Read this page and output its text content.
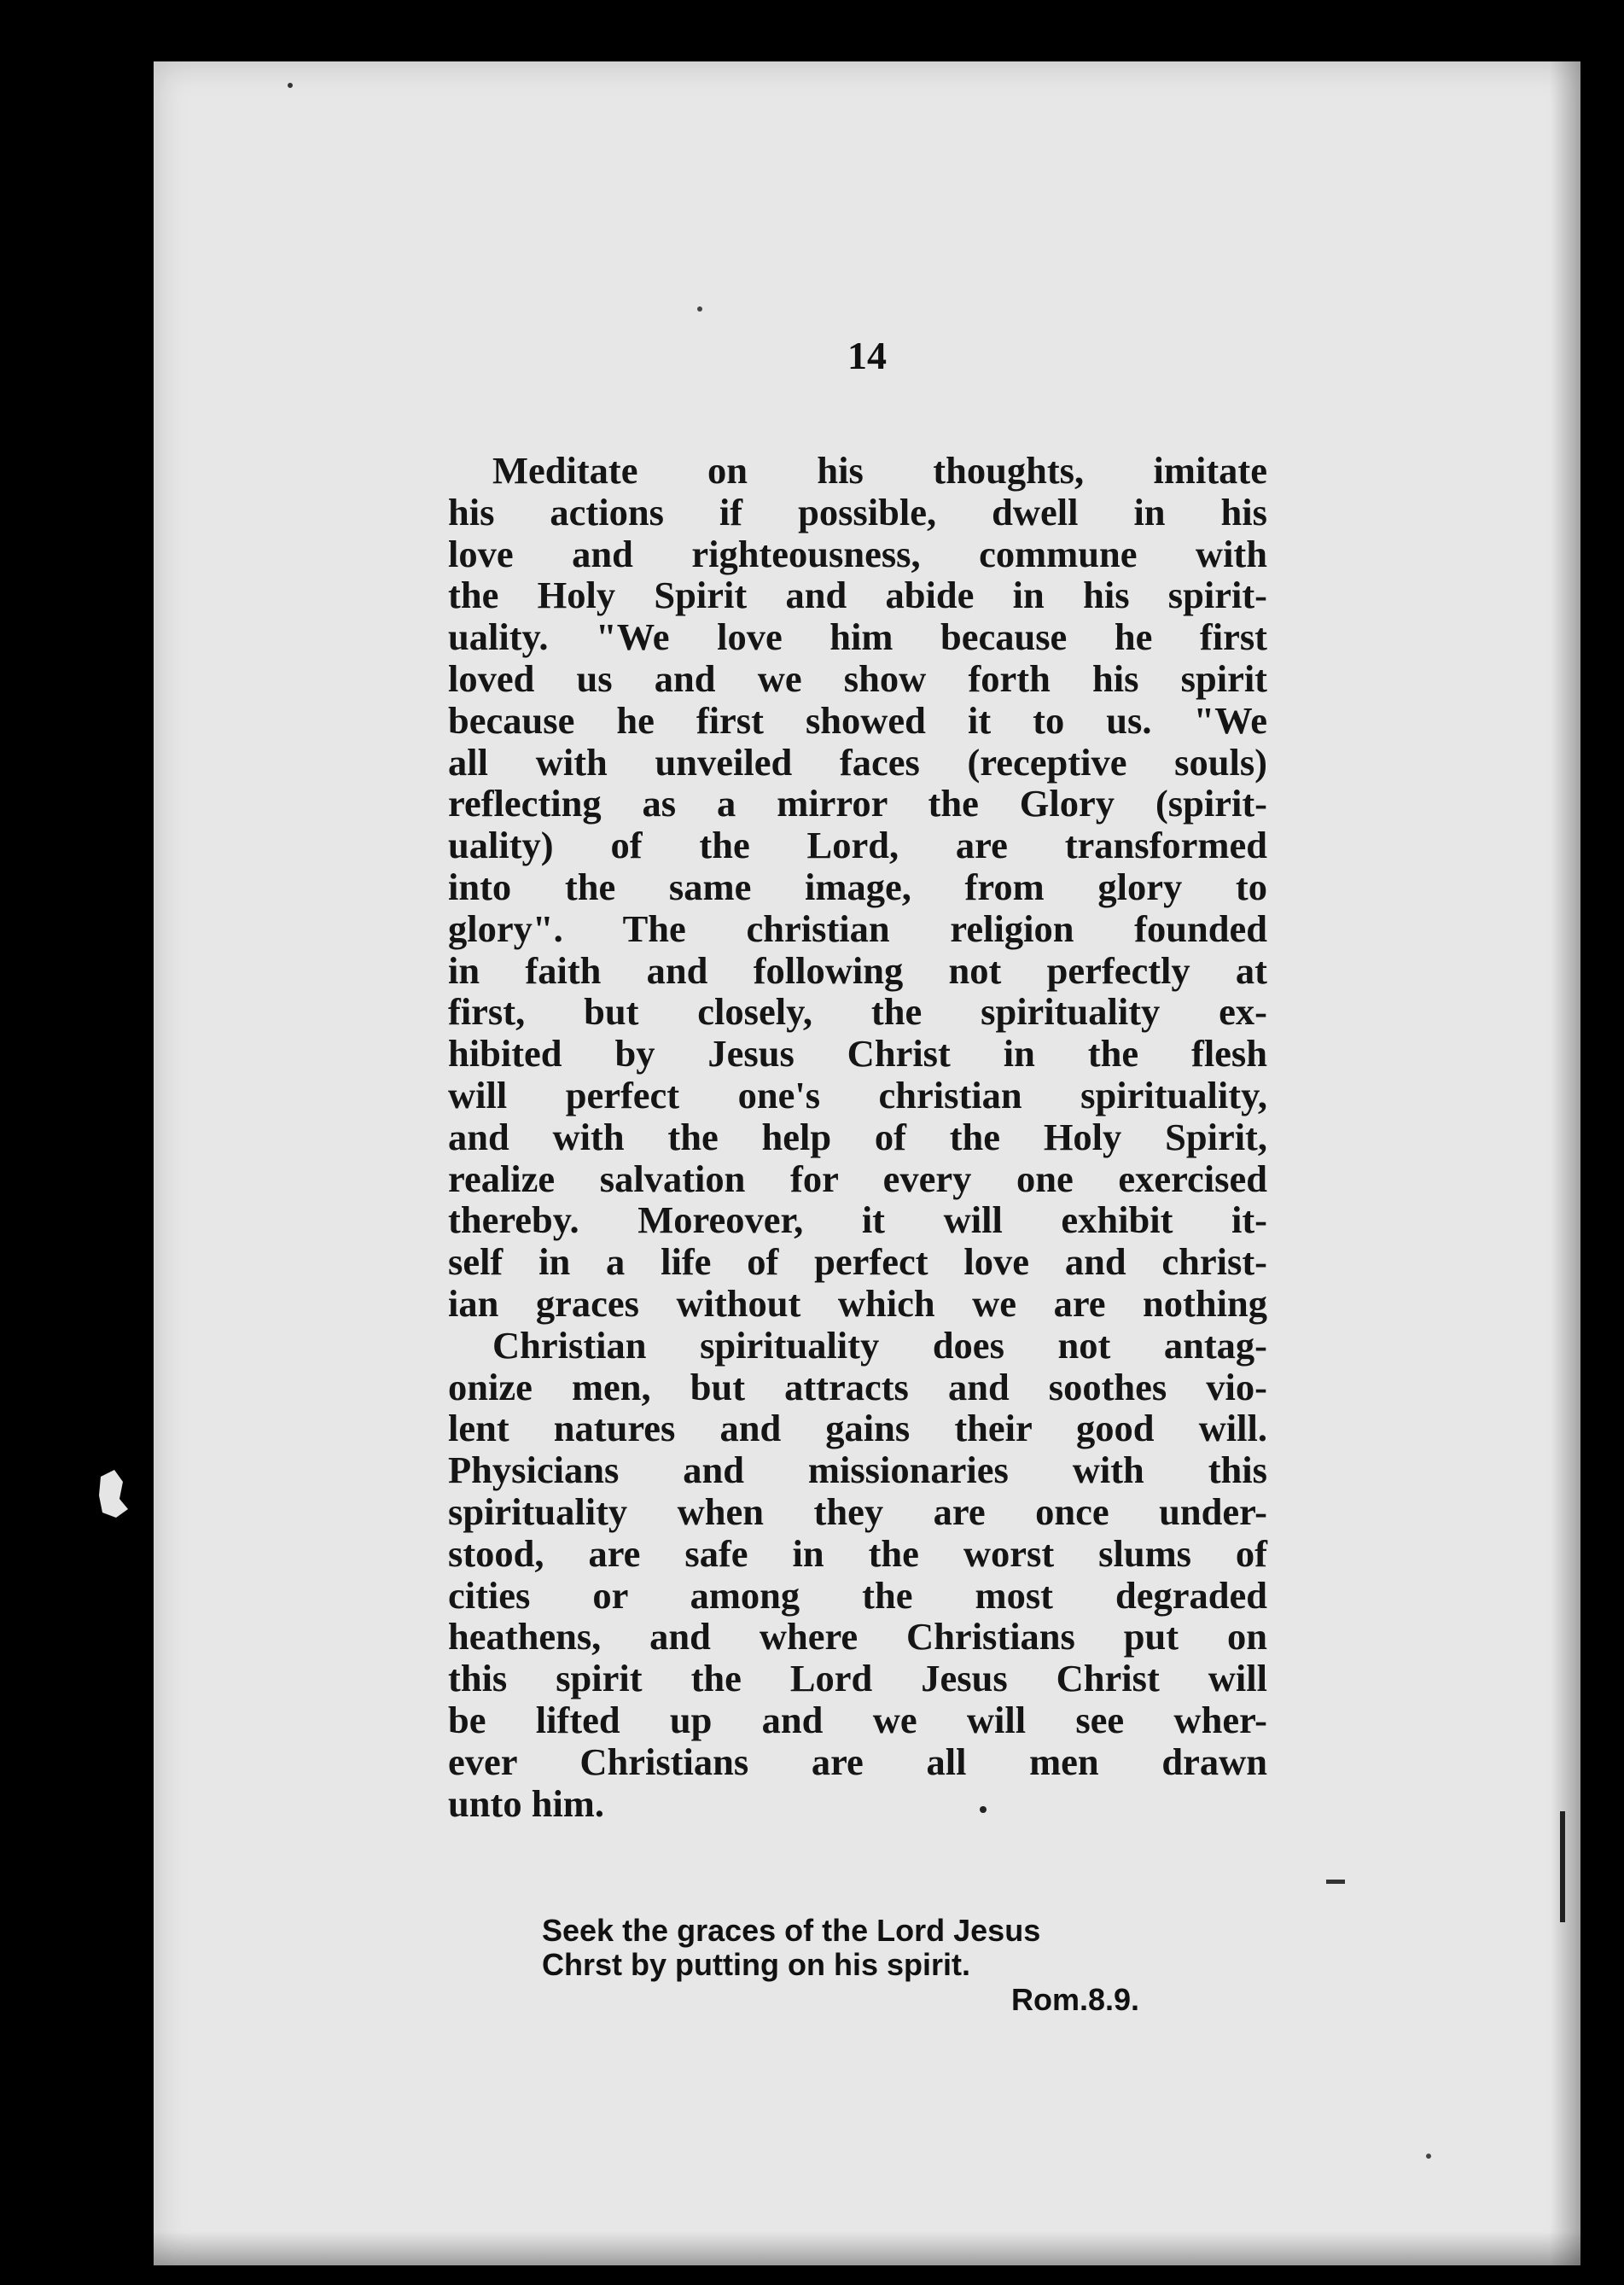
14
Meditate on his thoughts, imitate
his actions if possible, dwell in his
love and righteousness, commune with
the Holy Spirit and abide in his spirit-
uality. "We love him because he first
loved us and we show forth his spirit
because he first showed it to us. "We
all with unveiled faces (receptive souls)
reflecting as a mirror the Glory (spirit-
uality) of the Lord, are transformed
into the same image, from glory to
glory". The christian religion founded
in faith and following not perfectly at
first, but closely, the spirituality ex-
hibited by Jesus Christ in the flesh
will perfect one's christian spirituality,
and with the help of the Holy Spirit,
realize salvation for every one exercised
thereby. Moreover, it will exhibit it-
self in a life of perfect love and christ-
ian graces without which we are nothing
Christian spirituality does not antag-
onize men, but attracts and soothes vio-
lent natures and gains their good will.
Physicians and missionaries with this
spirituality when they are once under-
stood, are safe in the worst slums of
cities or among the most degraded
heathens, and where Christians put on
this spirit the Lord Jesus Christ will
be lifted up and we will see wher-
ever Christians are all men drawn
unto him.
Seek the graces of the Lord Jesus
Chrst by putting on his spirit.
Rom.8.9.
